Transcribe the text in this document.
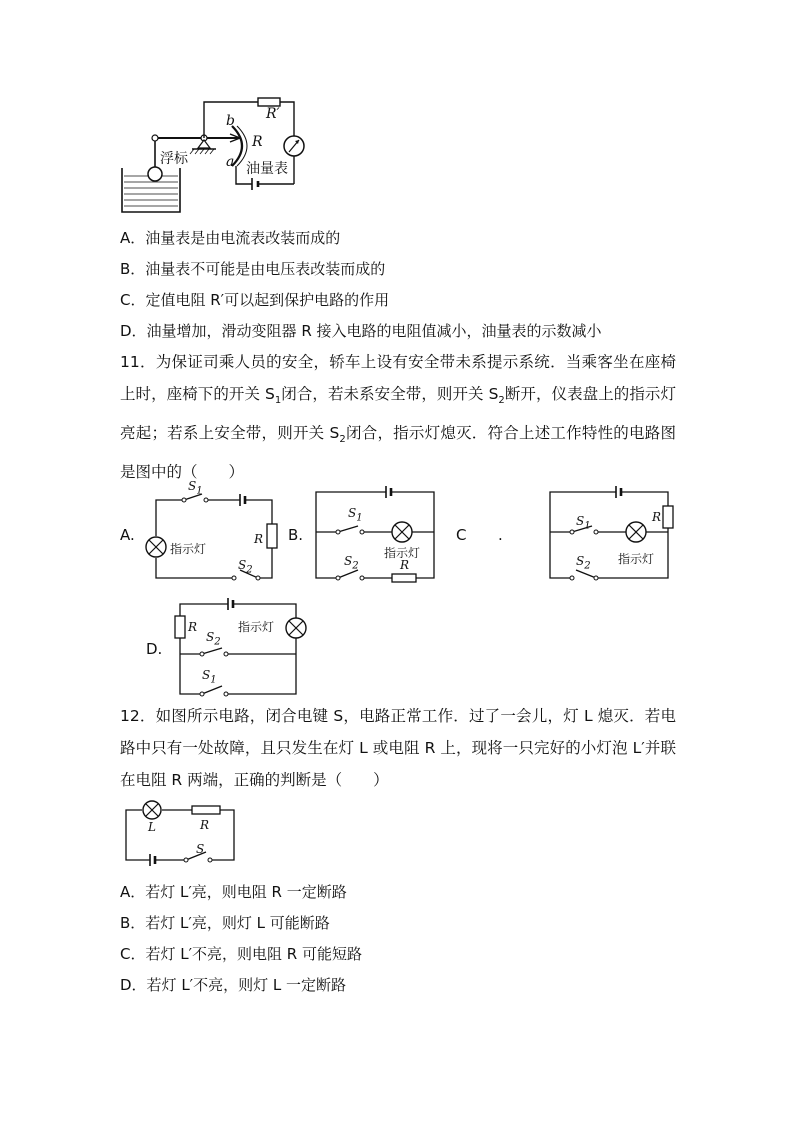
R′
b
R
a
浮标
油量表
A．油量表是由电流表改装而成的
B．油量表不可能是由电压表改装而成的
C．定值电阻 R′可以起到保护电路的作用
D．油量增加，滑动变阻器 R 接入电路的电阻值减小，油量表的示数减小
11．为保证司乘人员的安全，轿车上设有安全带未系提示系统．当乘客坐在座椅上时，座椅下的开关 $S_1$闭合，若未系安全带，则开关 $S_2$断开，仪表盘上的指示灯亮起；若系上安全带，则开关 $S_2$闭合，指示灯熄灭．符合上述工作特性的电路图是图中的（　　）
A.
$S_1$
R
指示灯
$S_2$
B.
$S_1$
指示灯
$S_2$	R
C .
$S_1$
R
$S_2$ 指示灯
D.
R
$S_2$
指示灯
$S_1$
12．如图所示电路，闭合电键 S，电路正常工作．过了一会儿，灯 L 熄灭．若电路中只有一处故障，且只发生在灯 L 或电阻 R 上，现将一只完好的小灯泡 L′并联在电阻 R 两端，正确的判断是（　　）
L	R
S
A．若灯 L′亮，则电阻 R 一定断路
B．若灯 L′亮，则灯 L 可能断路
C．若灯 L′不亮，则电阻 R 可能短路
D．若灯 L′不亮，则灯 L 一定断路
